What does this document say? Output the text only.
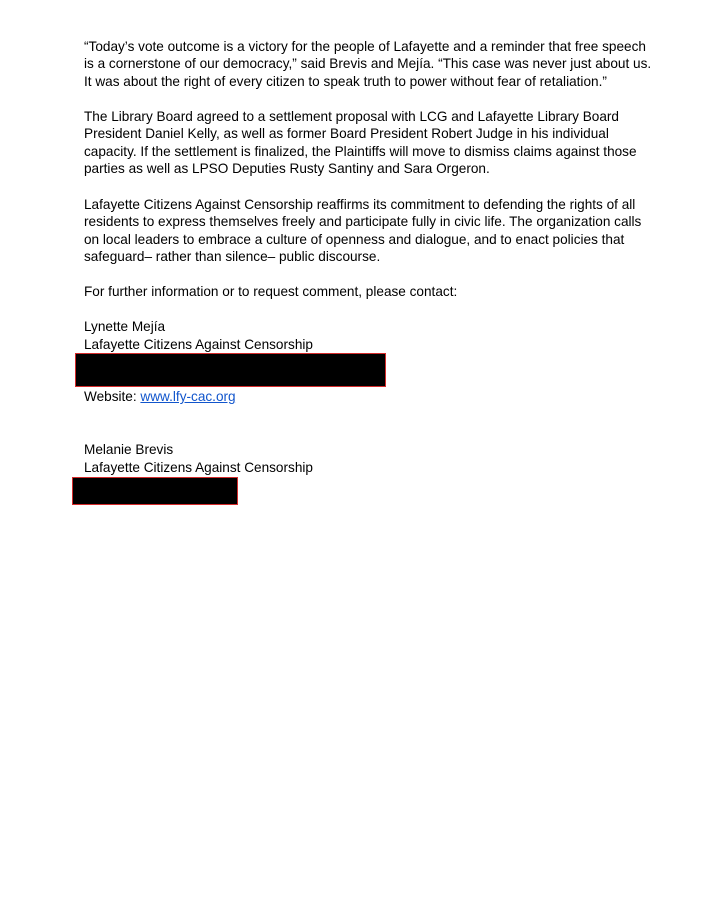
“Today’s vote outcome is a victory for the people of Lafayette and a reminder that free speech is a cornerstone of our democracy,” said Brevis and Mejía. “This case was never just about us. It was about the right of every citizen to speak truth to power without fear of retaliation.”

The Library Board agreed to a settlement proposal with LCG and Lafayette Library Board President Daniel Kelly, as well as former Board President Robert Judge in his individual capacity. If the settlement is finalized, the Plaintiffs will move to dismiss claims against those parties as well as LPSO Deputies Rusty Santiny and Sara Orgeron.

Lafayette Citizens Against Censorship reaffirms its commitment to defending the rights of all residents to express themselves freely and participate fully in civic life. The organization calls on local leaders to embrace a culture of openness and dialogue, and to enact policies that safeguard– rather than silence– public discourse.

For further information or to request comment, please contact:

Lynette Mejía

Lafayette Citizens Against Censorship

Website: www.lfy-cac.org

Melanie Brevis

Lafayette Citizens Against Censorship
